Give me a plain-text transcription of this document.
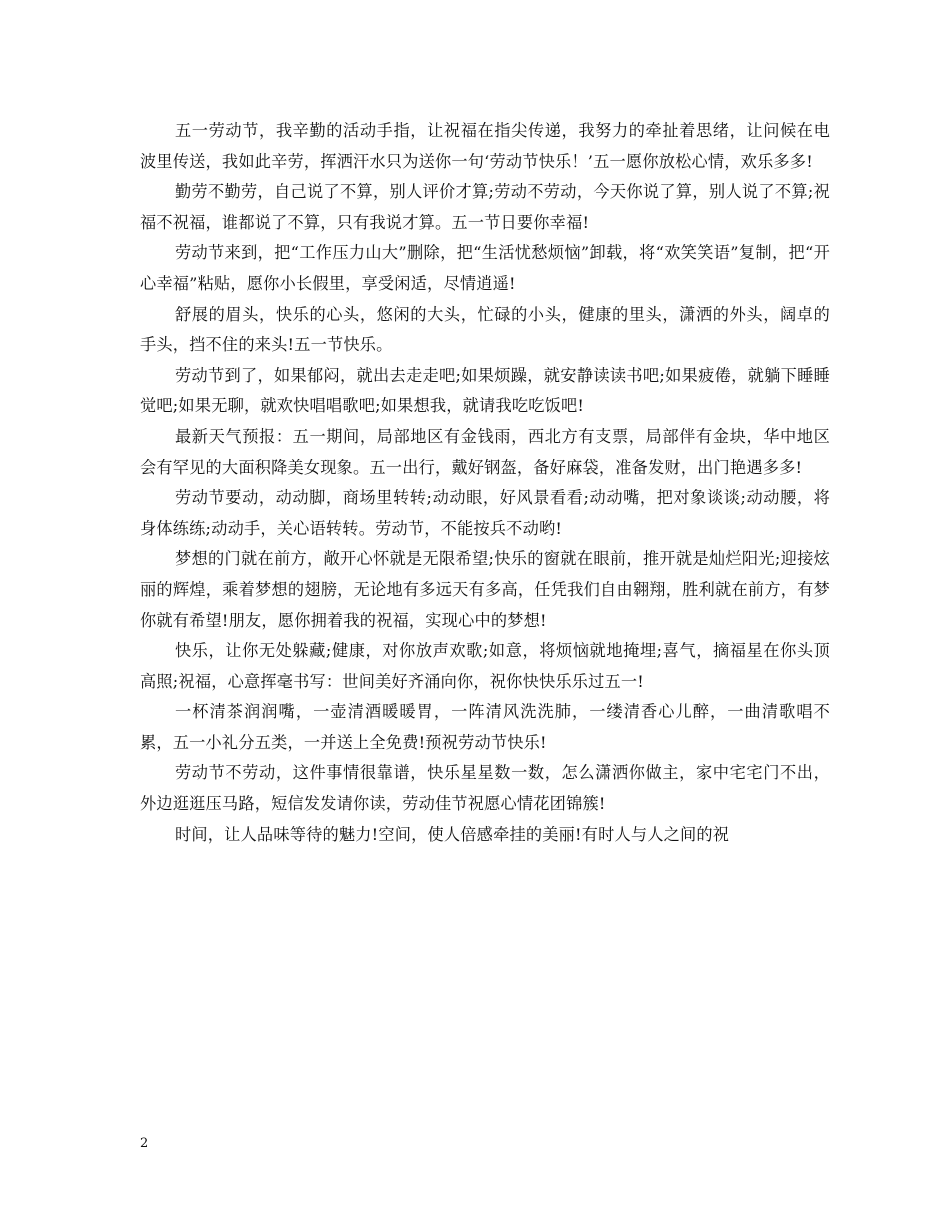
五一劳动节，我辛勤的活动手指，让祝福在指尖传递，我努力的牵扯着思绪，让问候在电波里传送，我如此辛劳，挥洒汗水只为送你一句‘劳动节快乐！’五一愿你放松心情，欢乐多多!

勤劳不勤劳，自己说了不算，别人评价才算;劳动不劳动，今天你说了算，别人说了不算;祝福不祝福，谁都说了不算，只有我说才算。五一节日要你幸福!

劳动节来到，把“工作压力山大”删除，把“生活忧愁烦恼”卸载，将“欢笑笑语”复制，把“开心幸福”粘贴，愿你小长假里，享受闲适，尽情逍遥!

舒展的眉头，快乐的心头，悠闲的大头，忙碌的小头，健康的里头，潇洒的外头，阔卓的手头，挡不住的来头!五一节快乐。

劳动节到了，如果郁闷，就出去走走吧;如果烦躁，就安静读读书吧;如果疲倦，就躺下睡睡觉吧;如果无聊，就欢快唱唱歌吧;如果想我，就请我吃吃饭吧!

最新天气预报：五一期间，局部地区有金钱雨，西北方有支票，局部伴有金块，华中地区会有罕见的大面积降美女现象。五一出行，戴好钢盔，备好麻袋，准备发财，出门艳遇多多!

劳动节要动，动动脚，商场里转转;动动眼，好风景看看;动动嘴，把对象谈谈;动动腰，将身体练练;动动手，关心语转转。劳动节，不能按兵不动哟!

梦想的门就在前方，敞开心怀就是无限希望;快乐的窗就在眼前，推开就是灿烂阳光;迎接炫丽的辉煌，乘着梦想的翅膀，无论地有多远天有多高，任凭我们自由翱翔，胜利就在前方，有梦你就有希望!朋友，愿你拥着我的祝福，实现心中的梦想!

快乐，让你无处躲藏;健康，对你放声欢歌;如意，将烦恼就地掩埋;喜气，摘福星在你头顶高照;祝福，心意挥毫书写：世间美好齐涌向你，祝你快快乐乐过五一!

一杯清茶润润嘴，一壶清酒暖暖胃，一阵清风洗洗肺，一缕清香心儿醉，一曲清歌唱不累，五一小礼分五类，一并送上全免费!预祝劳动节快乐!

劳动节不劳动，这件事情很靠谱，快乐星星数一数，怎么潇洒你做主，家中宅宅门不出，外边逛逛压马路，短信发发请你读，劳动佳节祝愿心情花团锦簇!

时间，让人品味等待的魅力!空间，使人倍感牵挂的美丽!有时人与人之间的祝

2
